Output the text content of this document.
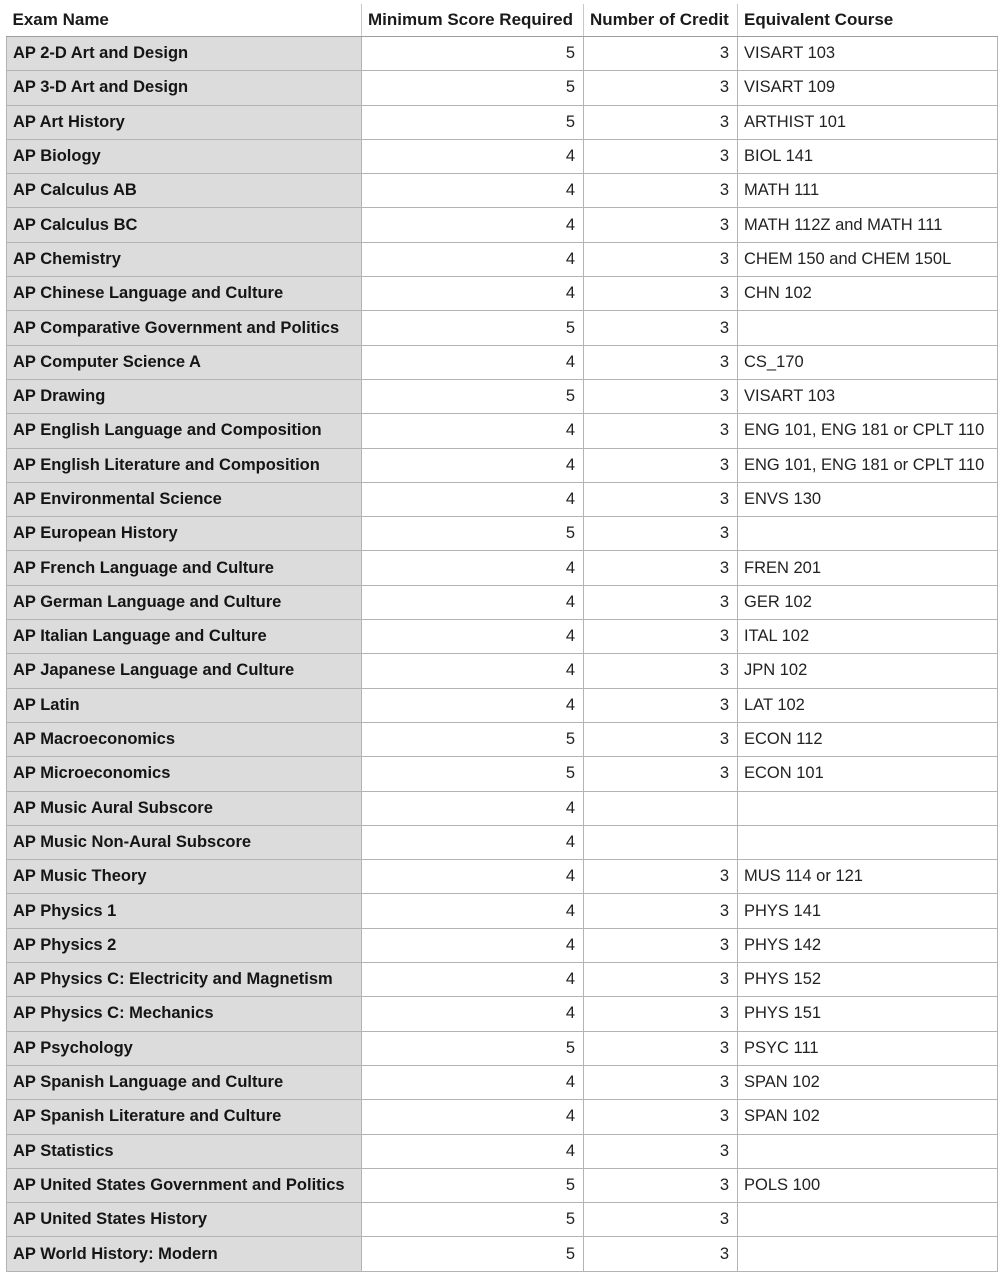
Exam Name	Minimum Score Required	Number of Credit	Equivalent Course
AP 2-D Art and Design	5	3	VISART 103
AP 3-D Art and Design	5	3	VISART 109
AP Art History	5	3	ARTHIST 101
AP Biology	4	3	BIOL 141
AP Calculus AB	4	3	MATH 111
AP Calculus BC	4	3	MATH 112Z and MATH 111
AP Chemistry	4	3	CHEM 150 and CHEM 150L
AP Chinese Language and Culture	4	3	CHN 102
AP Comparative Government and Politics	5	3	
AP Computer Science A	4	3	CS_170
AP Drawing	5	3	VISART 103
AP English Language and Composition	4	3	ENG 101, ENG 181 or CPLT 110
AP English Literature and Composition	4	3	ENG 101, ENG 181 or CPLT 110
AP Environmental Science	4	3	ENVS 130
AP European History	5	3	
AP French Language and Culture	4	3	FREN 201
AP German Language and Culture	4	3	GER 102
AP Italian Language and Culture	4	3	ITAL 102
AP Japanese Language and Culture	4	3	JPN 102
AP Latin	4	3	LAT 102
AP Macroeconomics	5	3	ECON 112
AP Microeconomics	5	3	ECON 101
AP Music Aural Subscore	4		
AP Music Non-Aural Subscore	4		
AP Music Theory	4	3	MUS 114 or 121
AP Physics 1	4	3	PHYS 141
AP Physics 2	4	3	PHYS 142
AP Physics C: Electricity and Magnetism	4	3	PHYS 152
AP Physics C: Mechanics	4	3	PHYS 151
AP Psychology	5	3	PSYC 111
AP Spanish Language and Culture	4	3	SPAN 102
AP Spanish Literature and Culture	4	3	SPAN 102
AP Statistics	4	3	
AP United States Government and Politics	5	3	POLS 100
AP United States History	5	3	
AP World History: Modern	5	3	
